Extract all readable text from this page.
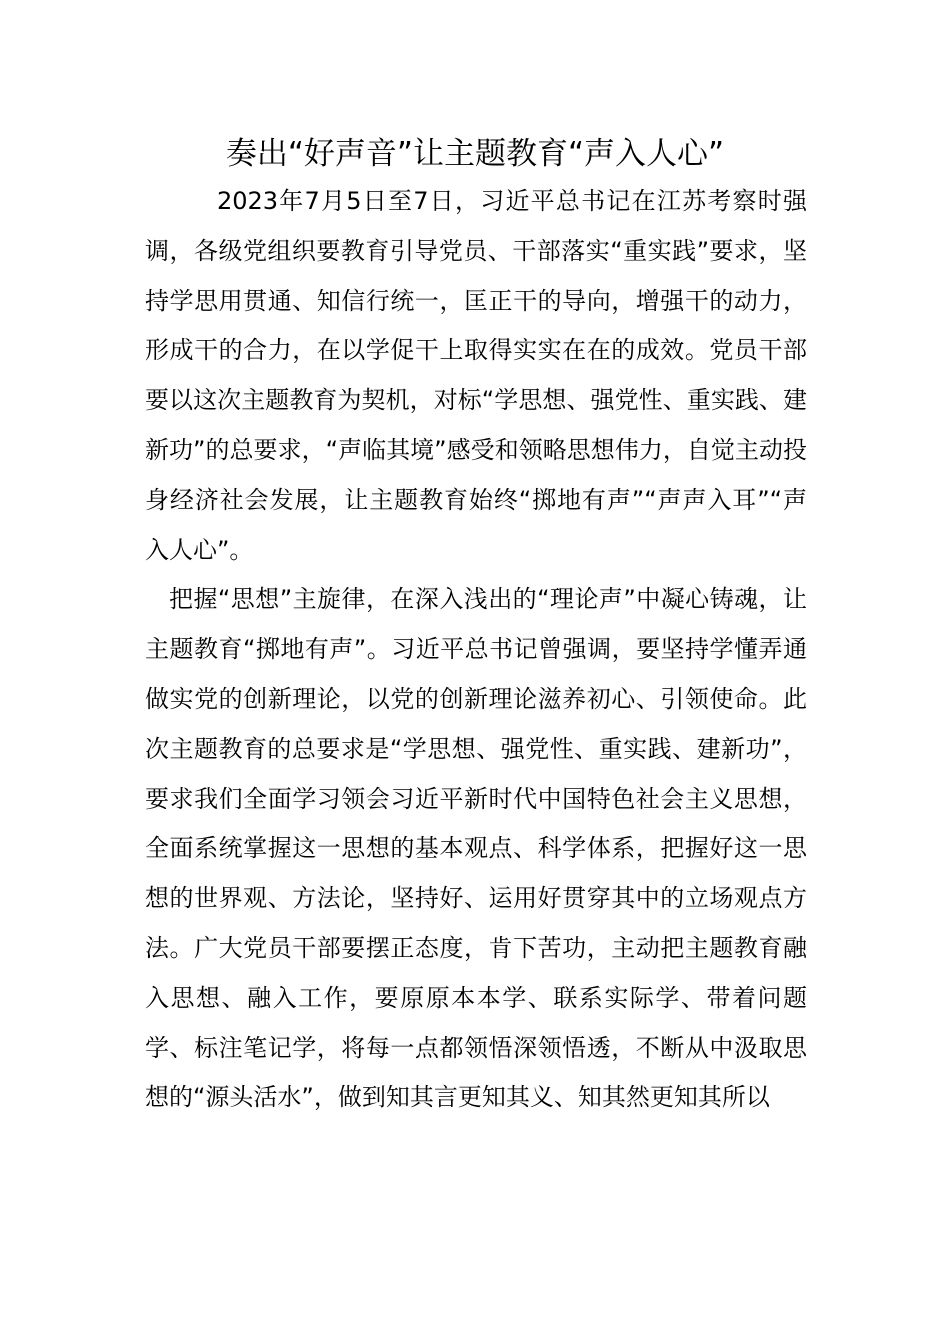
奏出“好声音”让主题教育“声入人心”

2023年7月5日至7日，习近平总书记在江苏考察时强调，各级党组织要教育引导党员、干部落实“重实践”要求，坚持学思用贯通、知信行统一，匡正干的导向，增强干的动力，形成干的合力，在以学促干上取得实实在在的成效。党员干部要以这次主题教育为契机，对标“学思想、强党性、重实践、建新功”的总要求，“声临其境”感受和领略思想伟力，自觉主动投身经济社会发展，让主题教育始终“掷地有声”“声声入耳”“声入人心”。

把握“思想”主旋律，在深入浅出的“理论声”中凝心铸魂，让主题教育“掷地有声”。习近平总书记曾强调，要坚持学懂弄通做实党的创新理论，以党的创新理论滋养初心、引领使命。此次主题教育的总要求是“学思想、强党性、重实践、建新功”，要求我们全面学习领会习近平新时代中国特色社会主义思想，全面系统掌握这一思想的基本观点、科学体系，把握好这一思想的世界观、方法论，坚持好、运用好贯穿其中的立场观点方法。广大党员干部要摆正态度，肯下苦功，主动把主题教育融入思想、融入工作，要原原本本学、联系实际学、带着问题学、标注笔记学，将每一点都领悟深领悟透，不断从中汲取思想的“源头活水”，做到知其言更知其义、知其然更知其所以
